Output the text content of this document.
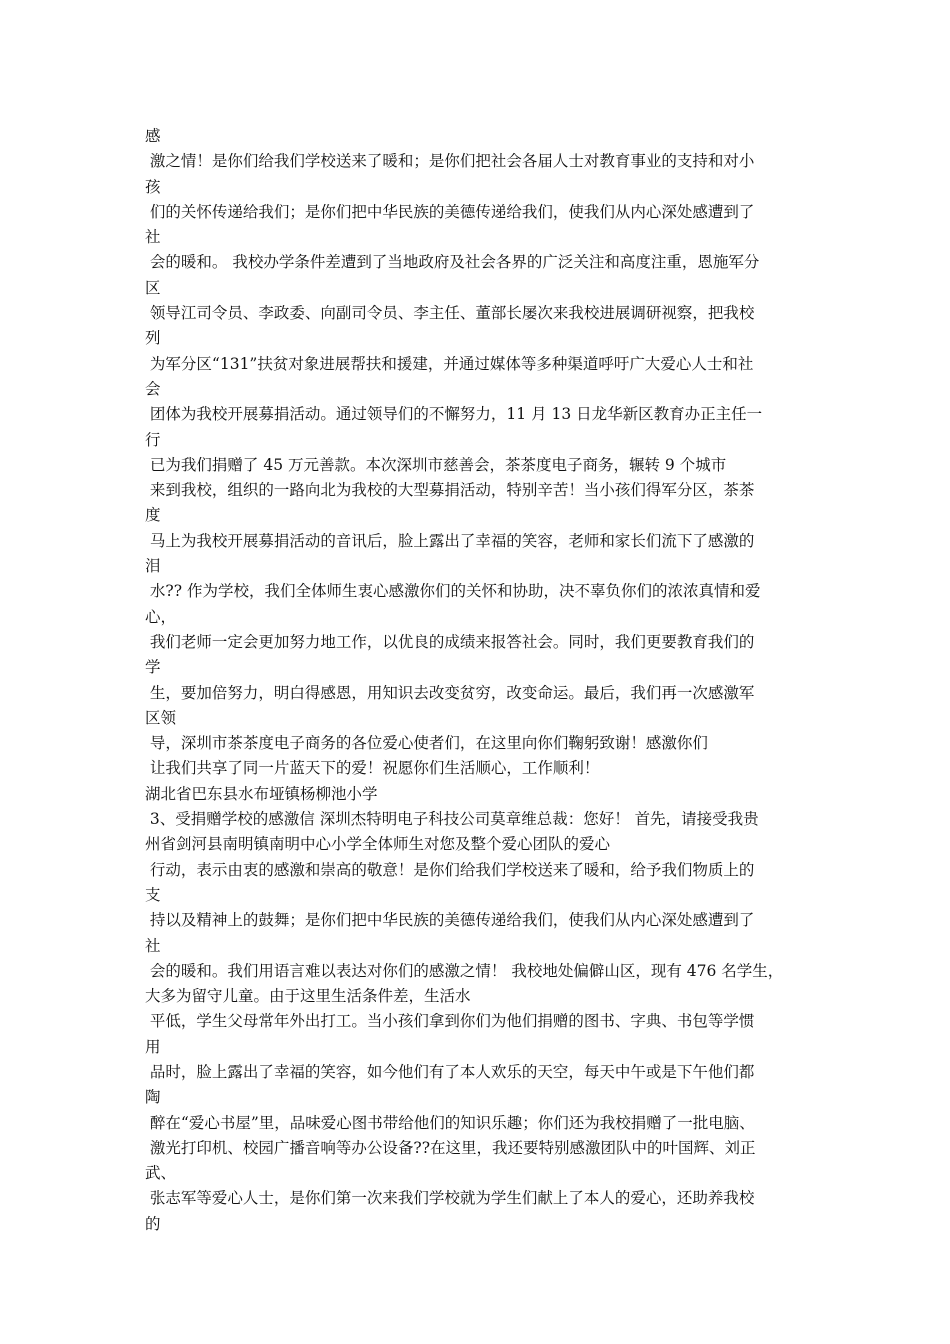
感
激之情！是你们给我们学校送来了暖和；是你们把社会各届人士对教育事业的支持和对小
孩
们的关怀传递给我们；是你们把中华民族的美德传递给我们，使我们从内心深处感遭到了
社
会的暖和。 我校办学条件差遭到了当地政府及社会各界的广泛关注和高度注重，恩施军分
区
领导江司令员、李政委、向副司令员、李主任、董部长屡次来我校进展调研视察，把我校
列
为军分区“131”扶贫对象进展帮扶和援建，并通过媒体等多种渠道呼吁广大爱心人士和社
会
团体为我校开展募捐活动。通过领导们的不懈努力，11 月 13 日龙华新区教育办正主任一
行
已为我们捐赠了 45 万元善款。本次深圳市慈善会，茶茶度电子商务，辗转 9 个城市
来到我校，组织的一路向北为我校的大型募捐活动，特别辛苦！当小孩们得军分区，茶茶
度
马上为我校开展募捐活动的音讯后，脸上露出了幸福的笑容，老师和家长们流下了感激的
泪
水?? 作为学校，我们全体师生衷心感激你们的关怀和协助，决不辜负你们的浓浓真情和爱
心，
我们老师一定会更加努力地工作，以优良的成绩来报答社会。同时，我们更要教育我们的
学
生，要加倍努力，明白得感恩，用知识去改变贫穷，改变命运。最后，我们再一次感激军
区领
导，深圳市茶茶度电子商务的各位爱心使者们，在这里向你们鞠躬致谢！感激你们
让我们共享了同一片蓝天下的爱！祝愿你们生活顺心，工作顺利！
湖北省巴东县水布垭镇杨柳池小学
3、受捐赠学校的感激信 深圳杰特明电子科技公司莫章维总裁：您好！ 首先，请接受我贵
州省剑河县南明镇南明中心小学全体师生对您及整个爱心团队的爱心
行动，表示由衷的感激和崇高的敬意！是你们给我们学校送来了暖和，给予我们物质上的
支
持以及精神上的鼓舞；是你们把中华民族的美德传递给我们，使我们从内心深处感遭到了
社
会的暖和。我们用语言难以表达对你们的感激之情！ 我校地处偏僻山区，现有 476 名学生，
大多为留守儿童。由于这里生活条件差，生活水
平低，学生父母常年外出打工。当小孩们拿到你们为他们捐赠的图书、字典、书包等学惯
用
品时，脸上露出了幸福的笑容，如今他们有了本人欢乐的天空，每天中午或是下午他们都
陶
醉在“爱心书屋”里，品味爱心图书带给他们的知识乐趣；你们还为我校捐赠了一批电脑、
激光打印机、校园广播音响等办公设备??在这里，我还要特别感激团队中的叶国辉、刘正
武、
张志军等爱心人士，是你们第一次来我们学校就为学生们献上了本人的爱心，还助养我校
的
